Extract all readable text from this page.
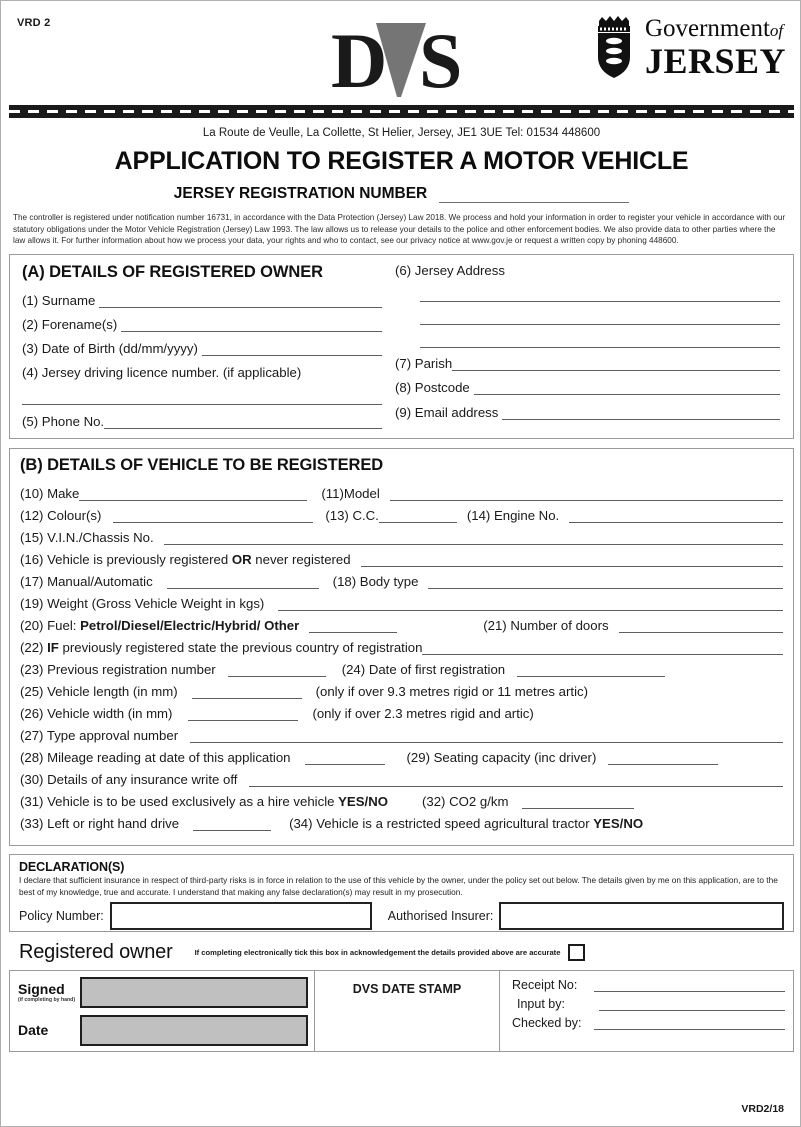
VRD 2	D S	Governmentof
JERSEY
La Route de Veulle, La Collette, St Helier, Jersey, JE1 3UE Tel: 01534 448600
APPLICATION TO REGISTER A MOTOR VEHICLE
JERSEY REGISTRATION NUMBER
The controller is registered under notification number 16731, in accordance with the Data Protection (Jersey) Law 2018. We process and hold your information in order to register your vehicle in accordance with our statutory obligations under the Motor Vehicle Registration (Jersey) Law 1993. The law allows us to release your details to the police and other enforcement bodies. We also provide data to other parties where the law allows it. For further information about how we process your data, your rights and who to contact, see our privacy notice at www.gov.je or request a written copy by phoning 448600.
(A) DETAILS OF REGISTERED OWNER
(1) Surname
(2) Forename(s)
(3) Date of Birth (dd/mm/yyyy)
(4) Jersey driving licence number. (if applicable)
(5) Phone No.
(6) Jersey Address
(7) Parish
(8) Postcode
(9) Email address
(B) DETAILS OF VEHICLE TO BE REGISTERED
(10) Make	(11)Model
(12) Colour(s)	(13) C.C.	(14) Engine No.
(15) V.I.N./Chassis No.
(16) Vehicle is previously registered OR never registered
(17) Manual/Automatic	(18) Body type
(19) Weight (Gross Vehicle Weight in kgs)
(20) Fuel: Petrol/Diesel/Electric/Hybrid/ Other	(21) Number of doors
(22) IF previously registered state the previous country of registration
(23) Previous registration number	(24) Date of first registration
(25) Vehicle length (in mm)	(only if over 9.3 metres rigid or 11 metres artic)
(26) Vehicle width (in mm)	(only if over 2.3 metres rigid and artic)
(27) Type approval number
(28) Mileage reading at date of this application	(29) Seating capacity (inc driver)
(30) Details of any insurance write off
(31) Vehicle is to be used exclusively as a hire vehicle YES/NO	(32) CO2 g/km
(33) Left or right hand drive	(34) Vehicle is a restricted speed agricultural tractor YES/NO
DECLARATION(S)
I declare that sufficient insurance in respect of third-party risks is in force in relation to the use of this vehicle by the owner, under the policy set out below. The details given by me on this application, are to the best of my knowledge, true and accurate. I understand that making any false declaration(s) may result in my prosecution.
Policy Number:	Authorised Insurer:
Registered owner	If completing electronically tick this box in acknowledgement the details provided above are accurate
Signed
(if completing by hand)
Date
DVS DATE STAMP	Receipt No:
Input by:
Checked by:
VRD2/18
